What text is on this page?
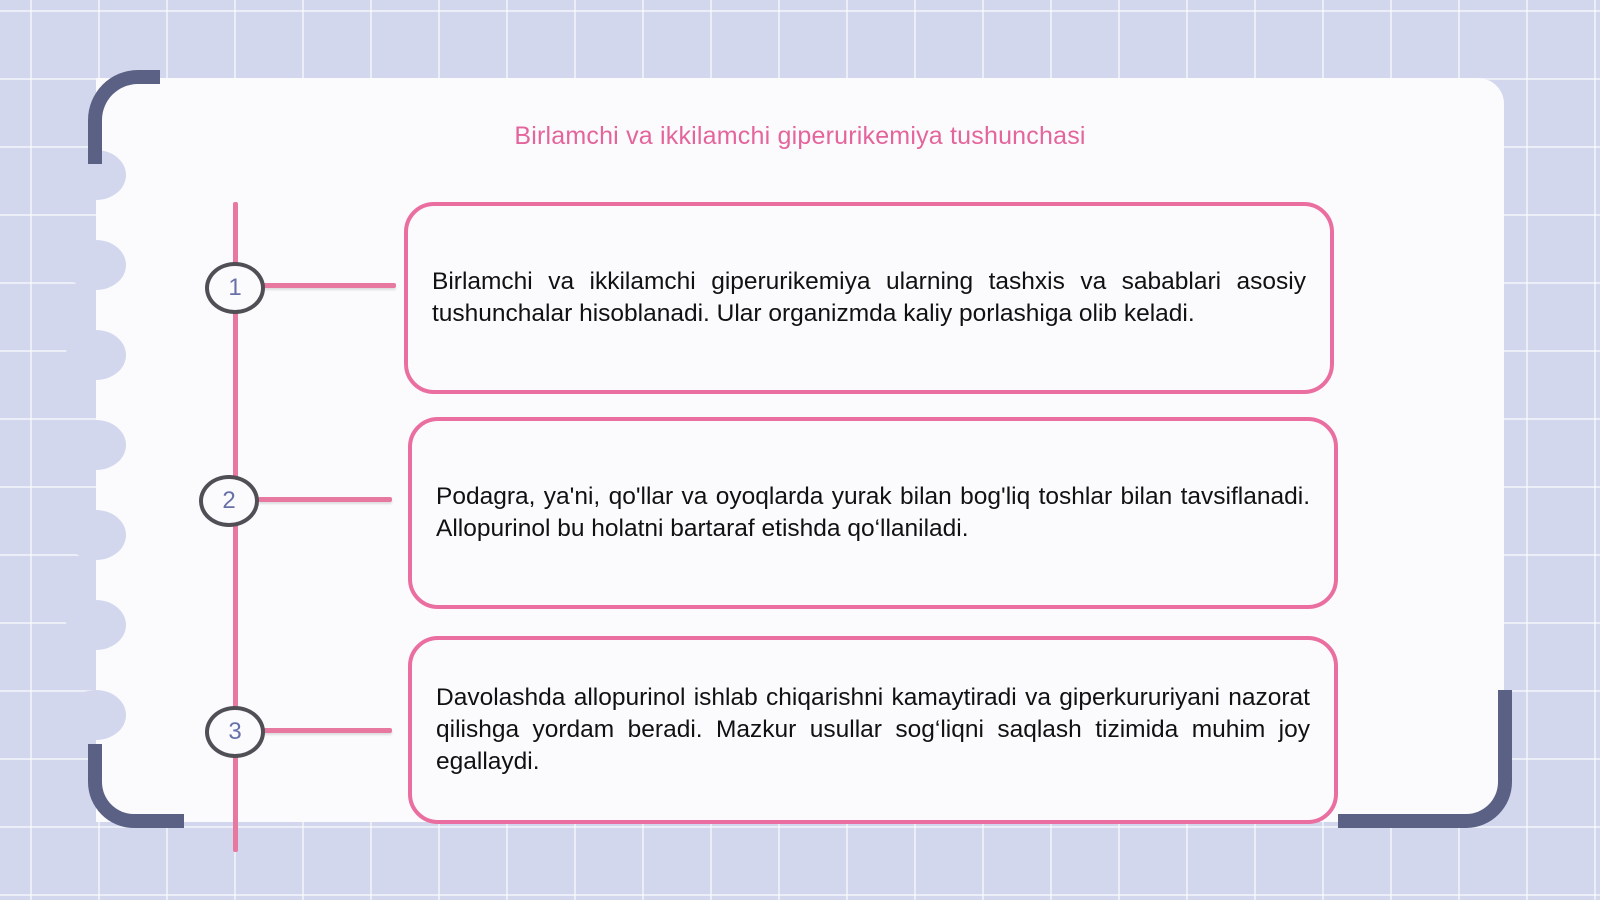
Birlamchi va ikkilamchi giperurikemiya tushunchasi
1	Birlamchi va ikkilamchi giperurikemiya ularning tashxis va sabablari asosiy tushunchalar hisoblanadi. Ular organizmda kaliy porlashiga olib keladi.
2	Podagra, ya'ni, qo'llar va oyoqlarda yurak bilan bog'liq toshlar bilan tavsiflanadi. Allopurinol bu holatni bartaraf etishda qo‘llaniladi.
3
Davolashda allopurinol ishlab chiqarishni kamaytiradi va giperkururiyani nazorat qilishga yordam beradi. Mazkur usullar sog‘liqni saqlash tizimida muhim joy egallaydi.
